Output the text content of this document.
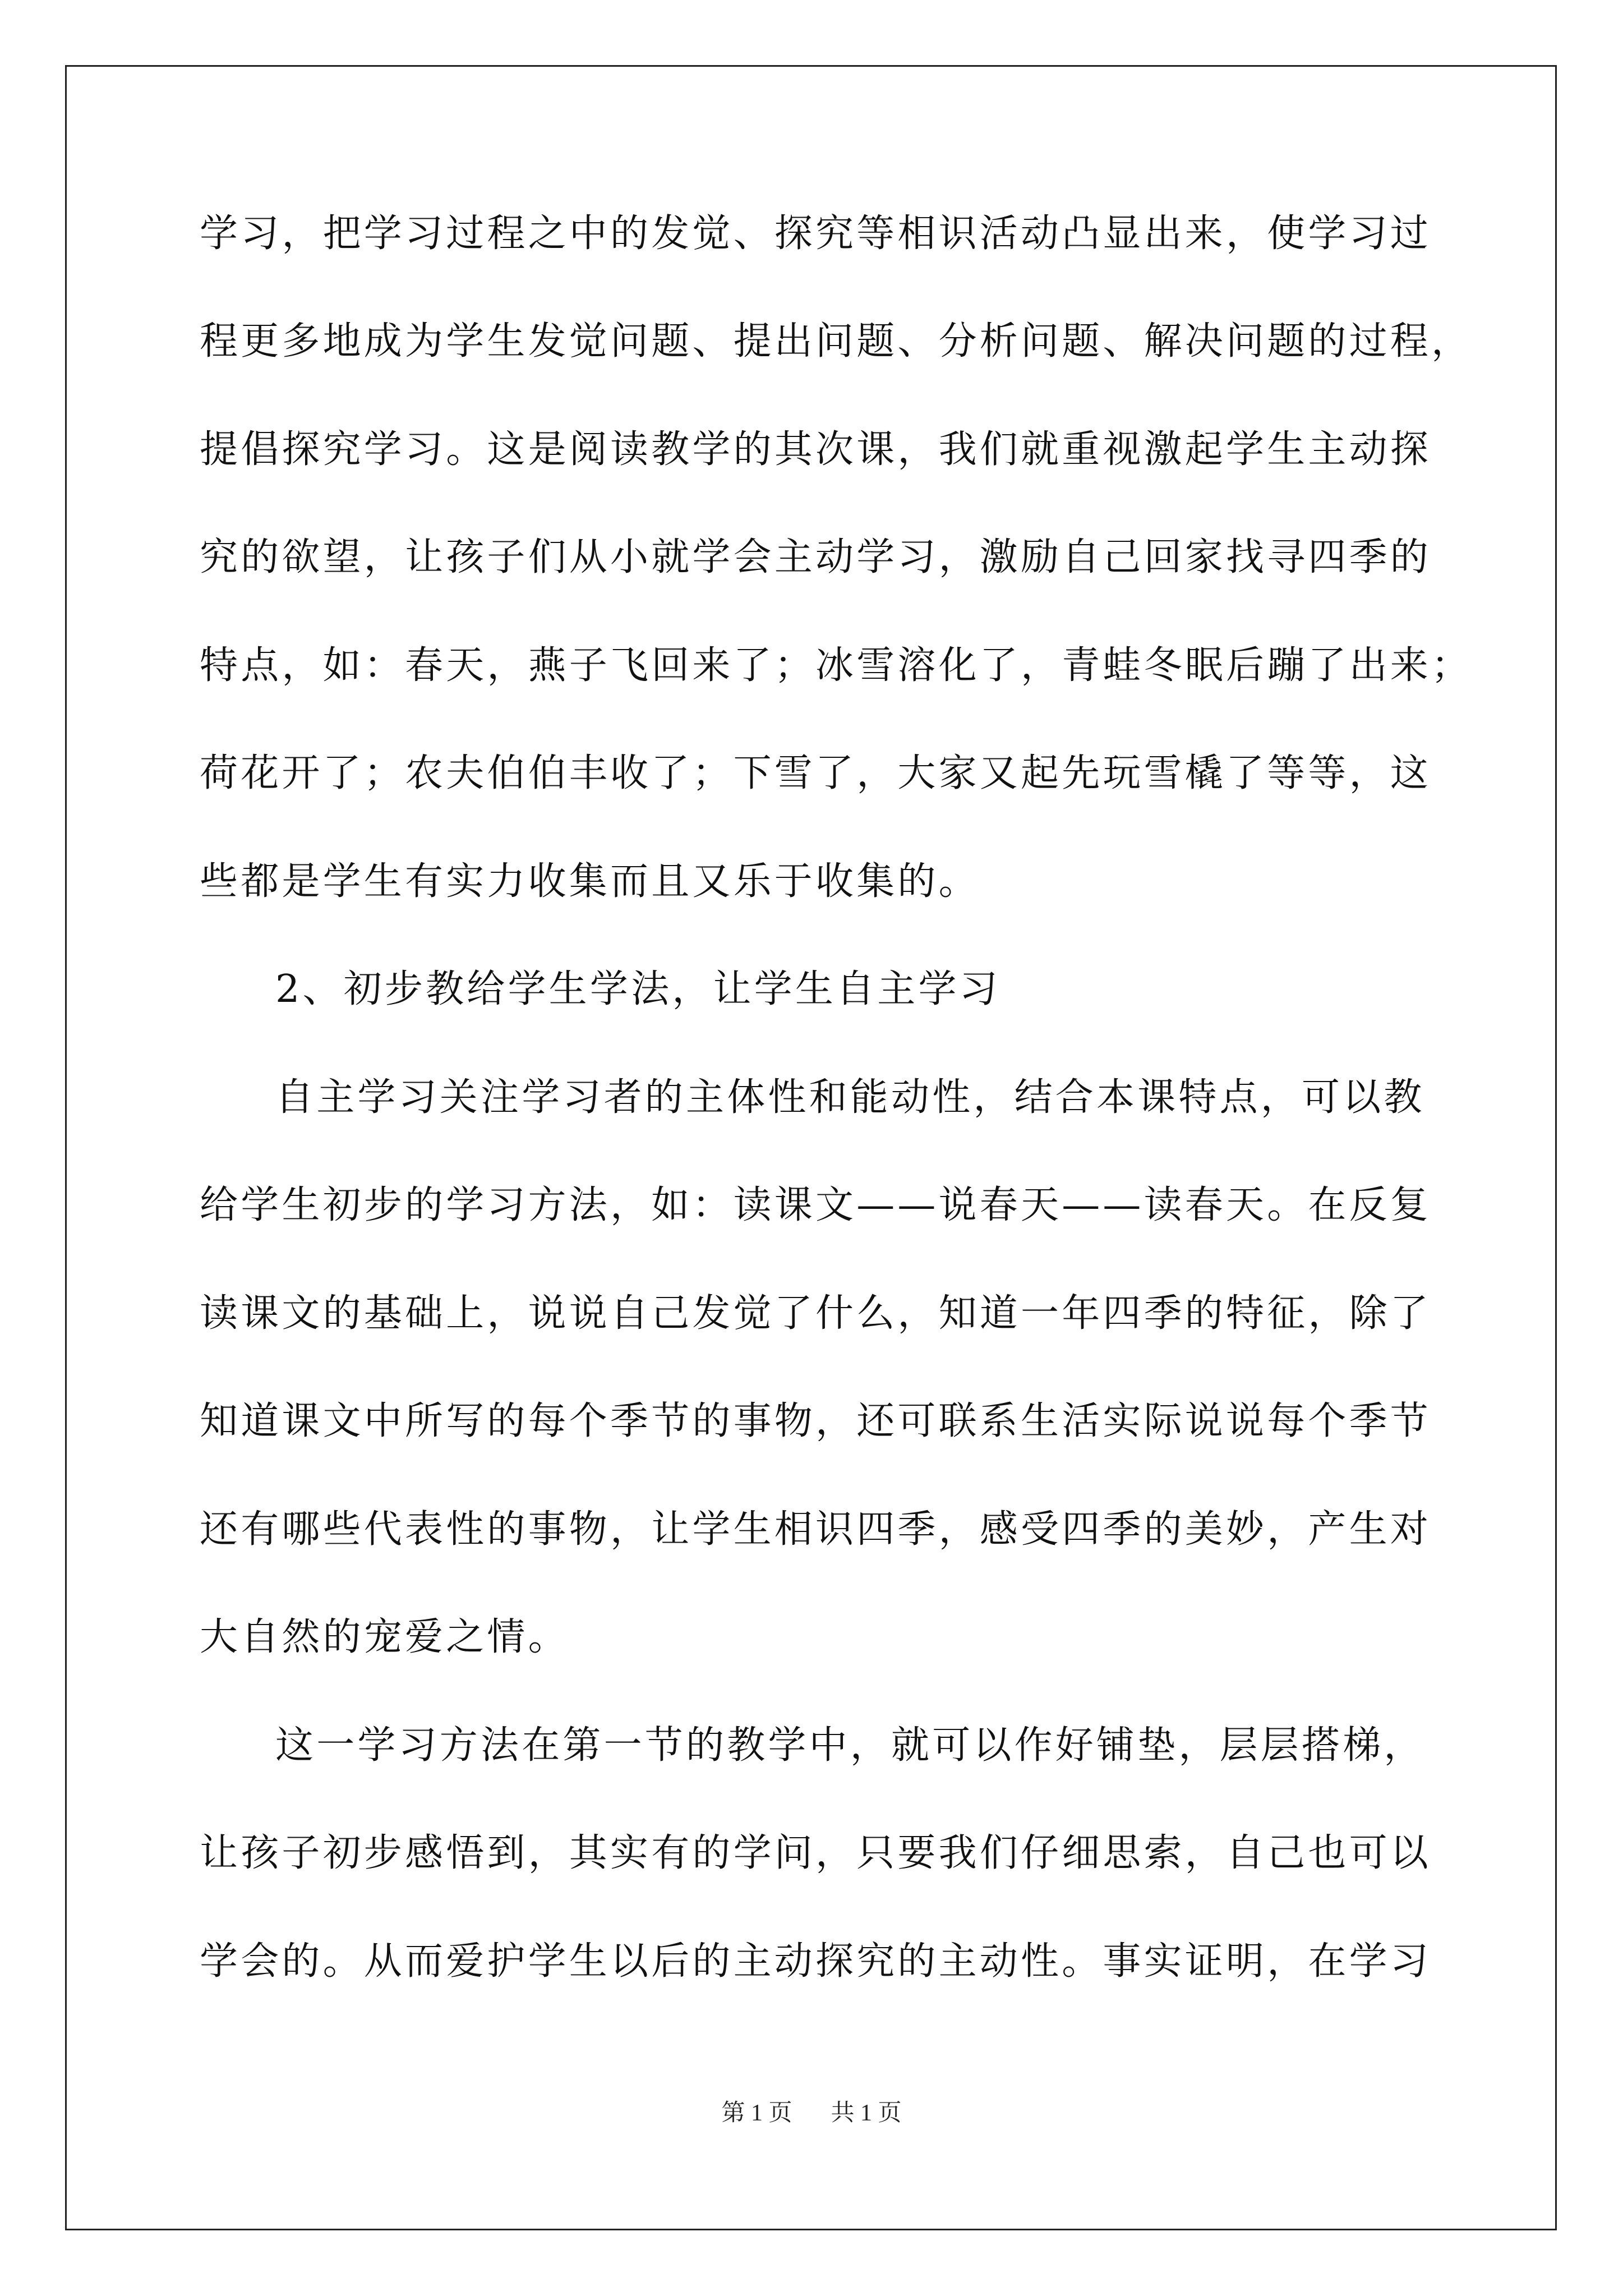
学习，把学习过程之中的发觉、探究等相识活动凸显出来，使学习过
程更多地成为学生发觉问题、提出问题、分析问题、解决问题的过程，
提倡探究学习。这是阅读教学的其次课，我们就重视激起学生主动探
究的欲望，让孩子们从小就学会主动学习，激励自己回家找寻四季的
特点，如：春天，燕子飞回来了；冰雪溶化了，青蛙冬眠后蹦了出来；
荷花开了；农夫伯伯丰收了；下雪了，大家又起先玩雪橇了等等，这
些都是学生有实力收集而且又乐于收集的。
2、初步教给学生学法，让学生自主学习
自主学习关注学习者的主体性和能动性，结合本课特点，可以教
给学生初步的学习方法，如：读课文——说春天——读春天。在反复
读课文的基础上，说说自己发觉了什么，知道一年四季的特征，除了
知道课文中所写的每个季节的事物，还可联系生活实际说说每个季节
还有哪些代表性的事物，让学生相识四季，感受四季的美妙，产生对
大自然的宠爱之情。
这一学习方法在第一节的教学中，就可以作好铺垫，层层搭梯，
让孩子初步感悟到，其实有的学问，只要我们仔细思索，自己也可以
学会的。从而爱护学生以后的主动探究的主动性。事实证明，在学习
第 1 页 共 1 页
